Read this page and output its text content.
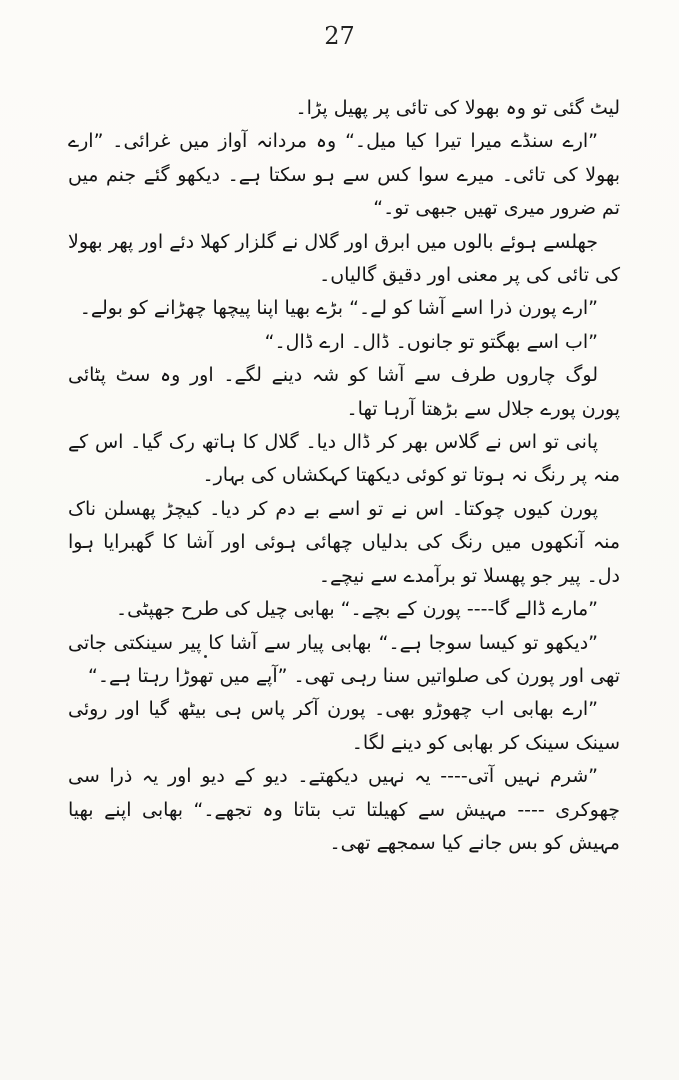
27

لیٹ گئی تو وہ بھولا کی تائی پر پھیل پڑا۔

”ارے سنڈے میرا تیرا کیا میل۔“ وہ مردانہ آواز میں غرائی۔ ”ارے بھولا کی تائی۔ میرے سوا کس سے ہو سکتا ہے۔ دیکھو گئے جنم میں تم ضرور میری تھیں جبھی تو۔“

جھلسے ہوئے بالوں میں ابرق اور گلال نے گلزار کھلا دئے اور پھر بھولا کی تائی کی پر معنی اور دقیق گالیاں۔

”ارے پورن ذرا اسے آشا کو لے۔“ بڑے بھیا اپنا پیچھا چھڑانے کو بولے۔

”اب اسے بھگتو تو جانوں۔ ڈال۔ ارے ڈال۔“

لوگ چاروں طرف سے آشا کو شہ دینے لگے۔ اور وہ سٹ پٹائی پورن پورے جلال سے بڑھتا آرہا تھا۔

پانی تو اس نے گلاس بھر کر ڈال دیا۔ گلال کا ہاتھ رک گیا۔ اس کے منہ پر رنگ نہ ہوتا تو کوئی دیکھتا کہکشاں کی بہار۔

پورن کیوں چوکتا۔ اس نے تو اسے بے دم کر دیا۔ کیچڑ پھسلن ناک منہ آنکھوں میں رنگ کی بدلیاں چھائی ہوئی اور آشا کا گھبرایا ہوا دل۔ پیر جو پھسلا تو برآمدے سے نیچے۔

”مارے ڈالے گا---- پورن کے بچے۔“ بھابی چیل کی طرح جھپٹی۔

”دیکھو تو کیسا سوجا ہے۔“ بھابی پیار سے آشا کا پیر سینکتی جاتی تھی اور پورن کی صلواتیں سنا رہی تھی۔ ”آپے میں تھوڑا رہتا ہے۔“

”ارے بھابی اب چھوڑو بھی۔ پورن آکر پاس ہی بیٹھ گیا اور روئی سینک سینک کر بھابی کو دینے لگا۔

”شرم نہیں آتی---- یہ نہیں دیکھتے۔ دیو کے دیو اور یہ ذرا سی چھوکری ---- مہیش سے کھیلتا تب بتاتا وہ تجھے۔“ بھابی اپنے بھیا مہیش کو بس جانے کیا سمجھے تھی۔
